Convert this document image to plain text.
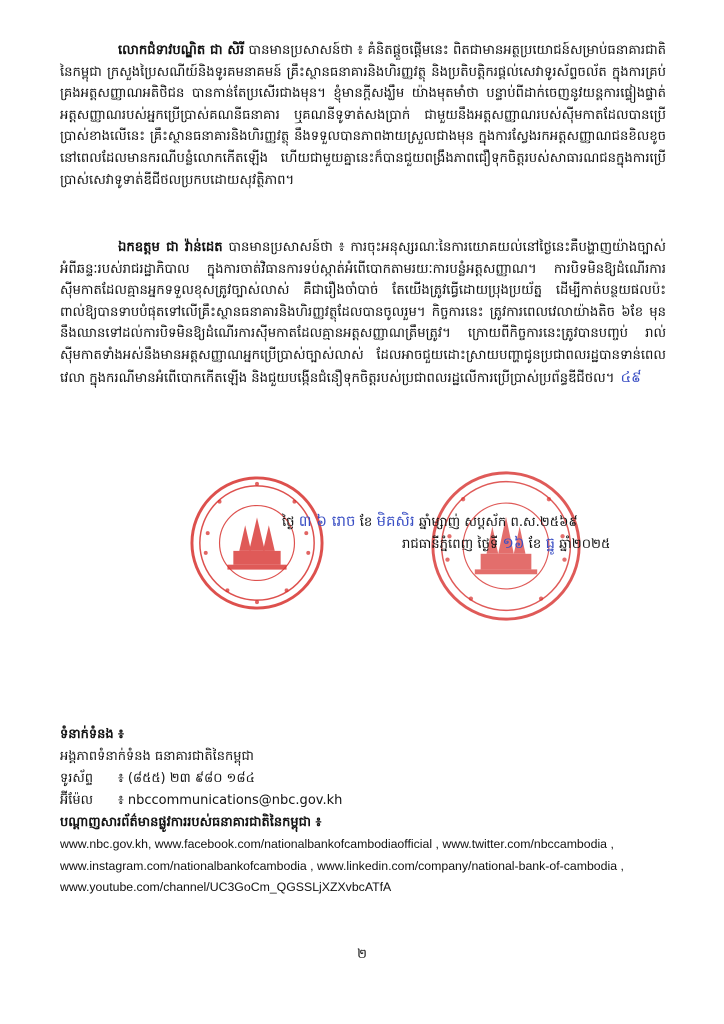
លោកជំទាវបណ្ឌិត ជា សិរី បានមានប្រសាសន៍ថា ៖ គំនិតផ្តួចផ្តើមនេះ ពិតជាមានអត្ថប្រយោជន៍សម្រាប់ធនាគារជាតិនៃកម្ពុជា ក្រសួងប្រៃសណីយ៍និងទូរគមនាគមន៍ គ្រឹះស្ថានធនាគារនិងហិរញ្ញវត្ថុ និងប្រតិបត្តិករផ្តល់សេវាទូរស័ព្ទចល័ត ក្នុងការគ្រប់គ្រងអត្តសញ្ញាណអតិថិជន បានកាន់តែប្រសើរជាងមុន។ ខ្ញុំមានក្តីសង្ឃឹម យ៉ាងមុតមាំថា បន្ទាប់ពីដាក់ចេញនូវយន្តការផ្ទៀងផ្ទាត់អត្តសញ្ញាណរបស់អ្នកប្រើប្រាស់គណនីធនាគារ ឬគណនីទូទាត់សងប្រាក់ ជាមួយនឹងអត្តសញ្ញាណរបស់ស៊ីមកាតដែលបានប្រើប្រាស់ខាងលើនេះ គ្រឹះស្ថានធនាគារនិងហិរញ្ញវត្ថុ នឹងទទួលបានភាពងាយស្រួលជាងមុន ក្នុងការស្វែងរកអត្តសញ្ញាណជនខិលខូចនៅពេលដែលមានករណីបន្លំលោកកើតឡើង ហើយជាមួយគ្នានេះក៏បានជួយពង្រឹងភាពជឿទុកចិត្តរបស់សាធារណជនក្នុងការប្រើប្រាស់សេវាទូទាត់ឌីជីថលប្រកបដោយសុវត្ថិភាព។
ឯកឧត្តម ជា វ៉ាន់ដេត បានមានប្រសាសន៍ថា ៖ ការចុះអនុស្សរណៈនៃការយោគយល់នៅថ្ងៃនេះគឺបង្ហាញយ៉ាងច្បាស់អំពីឆន្ទៈរបស់រាជរដ្ឋាភិបាល ក្នុងការចាត់វិធានការទប់ស្កាត់អំពើបោកតាមរយៈការបន្លំអត្តសញ្ញាណ។ ការបិទមិនឱ្យដំណើរការស៊ីមកាតដែលគ្មានអ្នកទទួលខុសត្រូវច្បាស់លាស់ គឺជារឿងចាំបាច់ តែយើងត្រូវធ្វើដោយប្រុងប្រយ័ត្ន ដើម្បីកាត់បន្ថយផលប៉ះពាល់ឱ្យបានទាបបំផុតទៅលើគ្រឹះស្ថានធនាគារនិងហិរញ្ញវត្ថុដែលបានចូលរួម។ កិច្ចការនេះ ត្រូវការពេលវេលាយ៉ាងតិច ៦ខែ មុននឹងឈានទៅដល់ការបិទមិនឱ្យដំណើរការស៊ីមកាតដែលគ្មានអត្តសញ្ញាណត្រឹមត្រូវ។ ក្រោយពីកិច្ចការនេះត្រូវបានបញ្ចប់ រាល់ស៊ីមកាតទាំងអស់នឹងមានអត្តសញ្ញាណអ្នកប្រើប្រាស់ច្បាស់លាស់ ដែលអាចជួយដោះស្រាយបញ្ហាជូនប្រជាពលរដ្ឋបានទាន់ពេលវេលា ក្នុងករណីមានអំពើបោកកើតឡើង និងជួយបង្កើនជំនឿទុកចិត្តរបស់ប្រជាពលរដ្ឋលើការប្រើប្រាស់ប្រព័ន្ធឌីជីថល។ ៤៩
ថ្ងៃ ៣ ៦ រោច ខែ មិគសិរ ឆ្នាំម្សាញ់ សប្តស័ក ព.ស.២៥៦៩
រាជធានីភ្នំពេញ ថ្ងៃទី ១៦ ខែ ធ្នូ ឆ្នាំ២០២៥
ទំនាក់ទំនង ៖
អង្គភាពទំនាក់ទំនង ធនាគារជាតិនៃកម្ពុជា
ទូរស័ព្ទ ៖ (៨៥៥) ២៣ ៩៨០ ១៨៤
អ៊ីម៉ែល ៖ nbccommunications@nbc.gov.kh
បណ្តាញសារព័ត៌មានផ្លូវការរបស់ធនាគារជាតិនៃកម្ពុជា ៖
www.nbc.gov.kh, www.facebook.com/nationalbankofcambodiaofficial , www.twitter.com/nbccambodia ,
www.instagram.com/nationalbankofcambodia , www.linkedin.com/company/national-bank-of-cambodia ,
www.youtube.com/channel/UC3GoCm_QGSSLjXZXvbcATfA
២
